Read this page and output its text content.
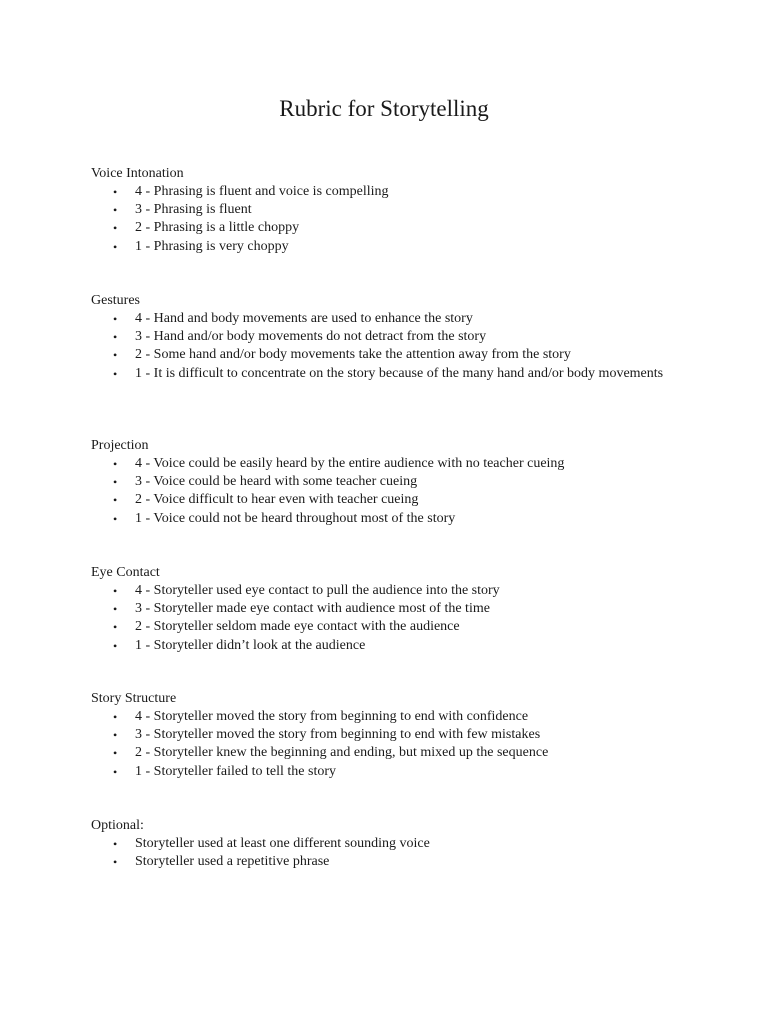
Rubric for Storytelling
Voice Intonation
• 4 - Phrasing is fluent and voice is compelling
• 3 - Phrasing is fluent
• 2 - Phrasing is a little choppy
• 1 - Phrasing is very choppy
Gestures
• 4 - Hand and body movements are used to enhance the story
• 3 - Hand and/or body movements do not detract from the story
• 2 - Some hand and/or body movements take the attention away from the story
• 1 - It is difficult to concentrate on the story because of the many hand and/or body movements
Projection
• 4 - Voice could be easily heard by the entire audience with no teacher cueing
• 3 - Voice could be heard with some teacher cueing
• 2 - Voice difficult to hear even with teacher cueing
• 1 - Voice could not be heard throughout most of the story
Eye Contact
• 4 - Storyteller used eye contact to pull the audience into the story
• 3 - Storyteller made eye contact with audience most of the time
• 2 - Storyteller seldom made eye contact with the audience
• 1 - Storyteller didn’t look at the audience
Story Structure
• 4 - Storyteller moved the story from beginning to end with confidence
• 3 - Storyteller moved the story from beginning to end with few mistakes
• 2 - Storyteller knew the beginning and ending, but mixed up the sequence
• 1 - Storyteller failed to tell the story
Optional:
• Storyteller used at least one different sounding voice
• Storyteller used a repetitive phrase
